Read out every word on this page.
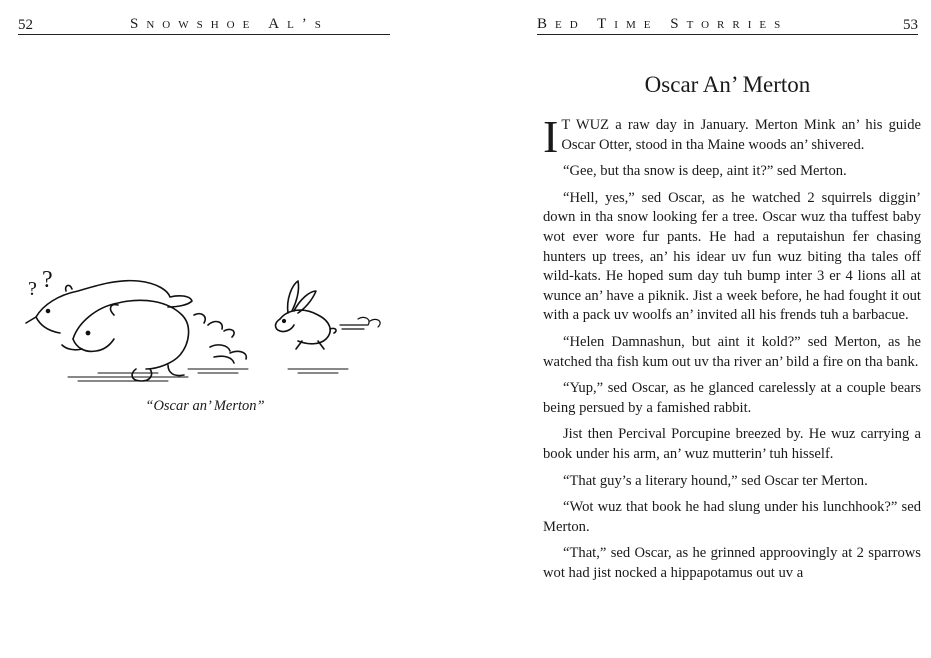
52	Snowshoe Al’s
? ?
“Oscar an’ Merton”
Bed Time Storries	53
Oscar An’ Merton

I T WUZ a raw day in January. Merton Mink an’ his guide Oscar Otter, stood in tha Maine woods an’ shivered.

“Gee, but tha snow is deep, aint it?” sed Merton.

“Hell, yes,” sed Oscar, as he watched 2 squirrels diggin’ down in tha snow looking fer a tree. Oscar wuz tha tuffest baby wot ever wore fur pants. He had a reputaishun fer chasing hunters up trees, an’ his idear uv fun wuz biting tha tales off wild-kats. He hoped sum day tuh bump inter 3 er 4 lions all at wunce an’ have a piknik. Jist a week before, he had fought it out with a pack uv woolfs an’ invited all his frends tuh a barbacue.

“Helen Damnashun, but aint it kold?” sed Merton, as he watched tha fish kum out uv tha river an’ bild a fire on tha bank.

“Yup,” sed Oscar, as he glanced carelessly at a couple bears being persued by a famished rabbit.

Jist then Percival Porcupine breezed by. He wuz carrying a book under his arm, an’ wuz mutterin’ tuh hisself.

“That guy’s a literary hound,” sed Oscar ter Merton.

“Wot wuz that book he had slung under his lunchhook?” sed Merton.

“That,” sed Oscar, as he grinned approovingly at 2 sparrows wot had jist nocked a hippapotamus out uv a
